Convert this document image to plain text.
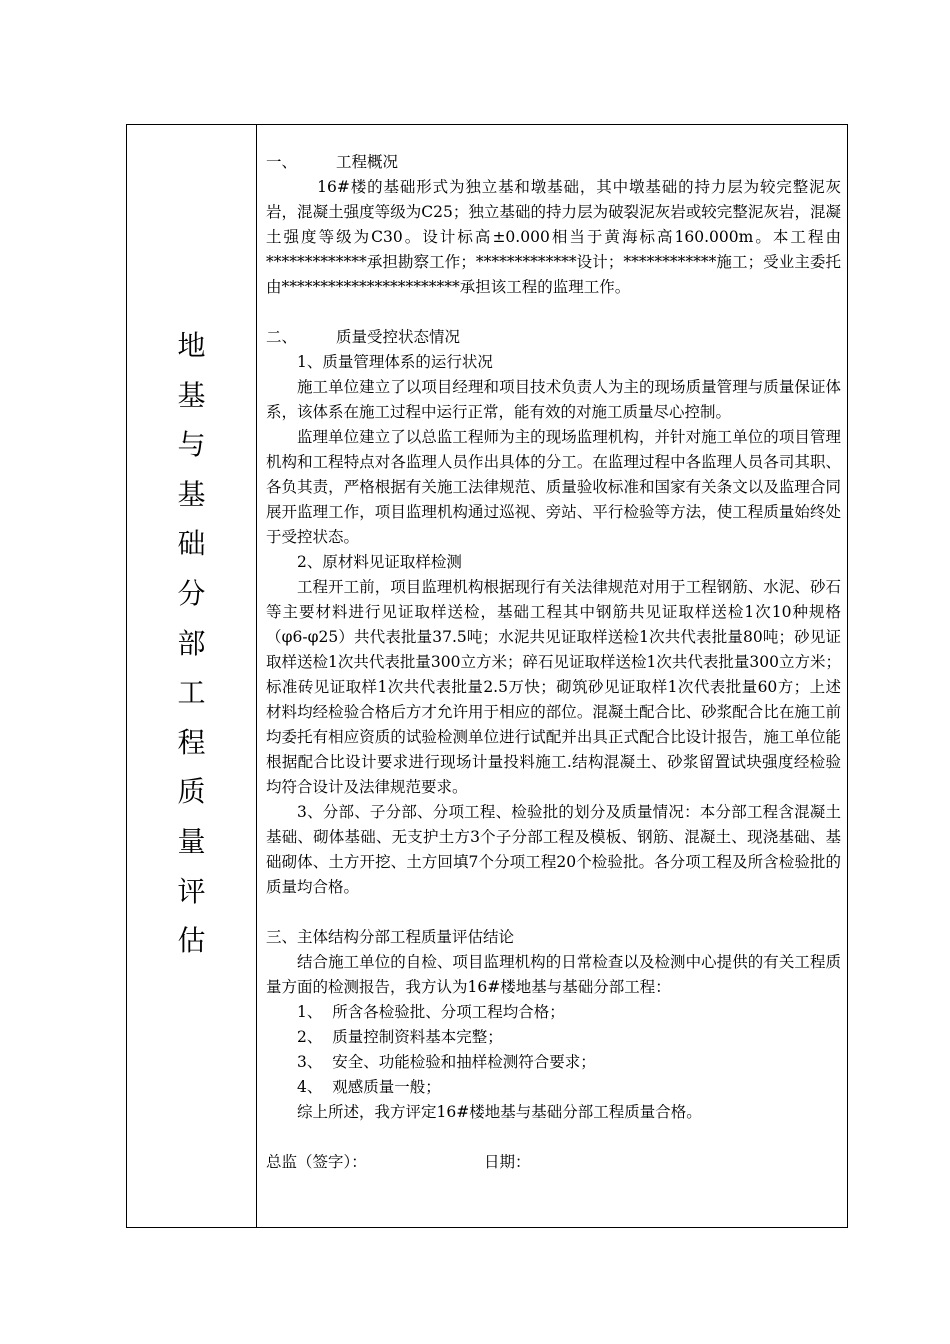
地
基
与
基
础
分
部
工
程
质
量
评
估

一、	工程概况

16#楼的基础形式为独立基和墩基础，其中墩基础的持力层为较完整泥灰岩，混凝土强度等级为C25；独立基础的持力层为破裂泥灰岩或较完整泥灰岩，混凝土强度等级为C30。设计标高±0.000相当于黄海标高160.000m。本工程由*************承担勘察工作；*************设计；************施工；受业主委托由***********************承担该工程的监理工作。

二、	质量受控状态情况

1、质量管理体系的运行状况

施工单位建立了以项目经理和项目技术负责人为主的现场质量管理与质量保证体系，该体系在施工过程中运行正常，能有效的对施工质量尽心控制。

监理单位建立了以总监工程师为主的现场监理机构，并针对施工单位的项目管理机构和工程特点对各监理人员作出具体的分工。在监理过程中各监理人员各司其职、各负其责，严格根据有关施工法律规范、质量验收标准和国家有关条文以及监理合同展开监理工作，项目监理机构通过巡视、旁站、平行检验等方法，使工程质量始终处于受控状态。

2、原材料见证取样检测

工程开工前，项目监理机构根据现行有关法律规范对用于工程钢筋、水泥、砂石等主要材料进行见证取样送检，基础工程其中钢筋共见证取样送检1次10种规格（φ6-φ25）共代表批量37.5吨；水泥共见证取样送检1次共代表批量80吨；砂见证取样送检1次共代表批量300立方米；碎石见证取样送检1次共代表批量300立方米；标准砖见证取样1次共代表批量2.5万快；砌筑砂见证取样1次代表批量60方；上述材料均经检验合格后方才允许用于相应的部位。混凝土配合比、砂浆配合比在施工前均委托有相应资质的试验检测单位进行试配并出具正式配合比设计报告，施工单位能根据配合比设计要求进行现场计量投料施工.结构混凝土、砂浆留置试块强度经检验均符合设计及法律规范要求。

3、分部、子分部、分项工程、检验批的划分及质量情况：本分部工程含混凝土基础、砌体基础、无支护土方3个子分部工程及模板、钢筋、混凝土、现浇基础、基础砌体、土方开挖、土方回填7个分项工程20个检验批。各分项工程及所含检验批的质量均合格。

三、主体结构分部工程质量评估结论

结合施工单位的自检、项目监理机构的日常检查以及检测中心提供的有关工程质量方面的检测报告，我方认为16#楼地基与基础分部工程：

1、 所含各检验批、分项工程均合格；

2、 质量控制资料基本完整；

3、 安全、功能检验和抽样检测符合要求；

4、 观感质量一般；

综上所述，我方评定16#楼地基与基础分部工程质量合格。

总监（签字）：	日期：
